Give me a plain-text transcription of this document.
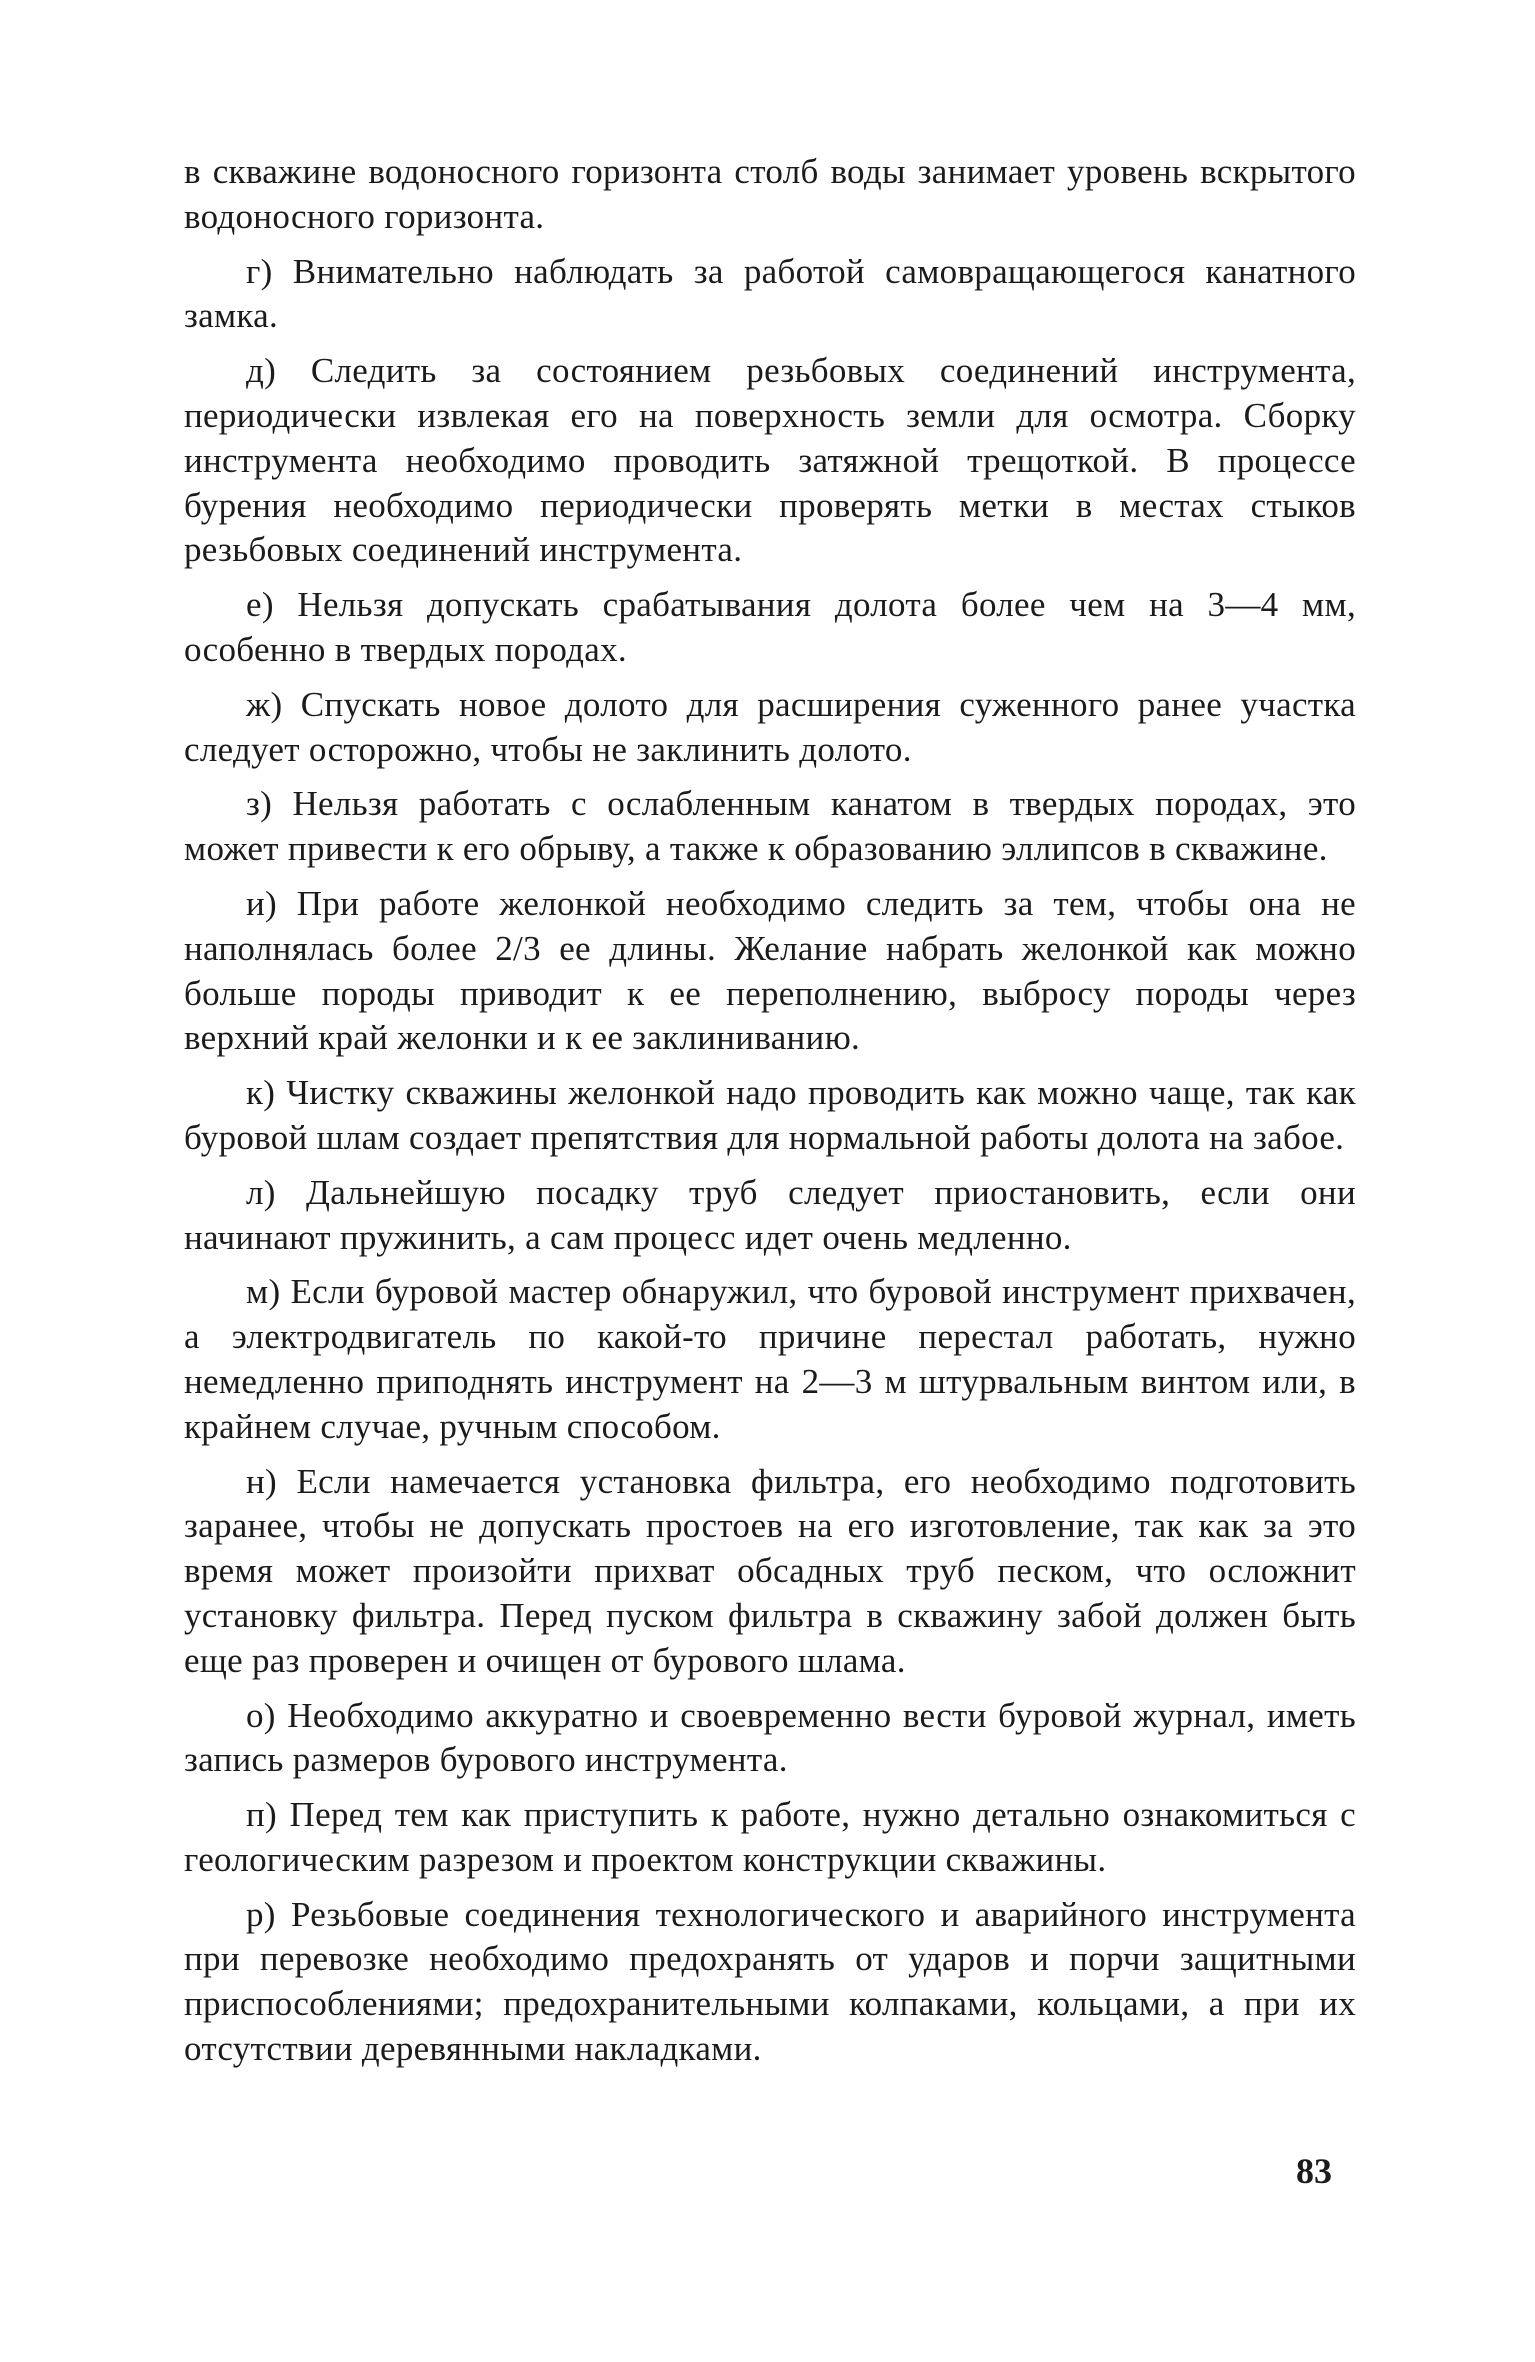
в скважине водоносного горизонта столб воды занимает уровень вскрытого водоносного горизонта.

г) Внимательно наблюдать за работой самовращающегося канатного замка.

д) Следить за состоянием резьбовых соединений инструмента, периодически извлекая его на поверхность земли для осмотра. Сборку инструмента необходимо проводить затяжной трещоткой. В процессе бурения необходимо периодически проверять метки в местах стыков резьбовых соединений инструмента.

е) Нельзя допускать срабатывания долота более чем на 3—4 мм, особенно в твердых породах.

ж) Спускать новое долото для расширения суженного ранее участка следует осторожно, чтобы не заклинить долото.

з) Нельзя работать с ослабленным канатом в твердых породах, это может привести к его обрыву, а также к образованию эллипсов в скважине.

и) При работе желонкой необходимо следить за тем, чтобы она не наполнялась более 2/3 ее длины. Желание набрать желонкой как можно больше породы приводит к ее переполнению, выбросу породы через верхний край желонки и к ее заклиниванию.

к) Чистку скважины желонкой надо проводить как можно чаще, так как буровой шлам создает препятствия для нормальной работы долота на забое.

л) Дальнейшую посадку труб следует приостановить, если они начинают пружинить, а сам процесс идет очень медленно.

м) Если буровой мастер обнаружил, что буровой инструмент прихвачен, а электродвигатель по какой-то причине перестал работать, нужно немедленно приподнять инструмент на 2—3 м штурвальным винтом или, в крайнем случае, ручным способом.

н) Если намечается установка фильтра, его необходимо подготовить заранее, чтобы не допускать простоев на его изготовление, так как за это время может произойти прихват обсадных труб песком, что осложнит установку фильтра. Перед пуском фильтра в скважину забой должен быть еще раз проверен и очищен от бурового шлама.

о) Необходимо аккуратно и своевременно вести буровой журнал, иметь запись размеров бурового инструмента.

п) Перед тем как приступить к работе, нужно детально ознакомиться с геологическим разрезом и проектом конструкции скважины.

р) Резьбовые соединения технологического и аварийного инструмента при перевозке необходимо предохранять от ударов и порчи защитными приспособлениями; предохранительными колпаками, кольцами, а при их отсутствии деревянными накладками.

83
